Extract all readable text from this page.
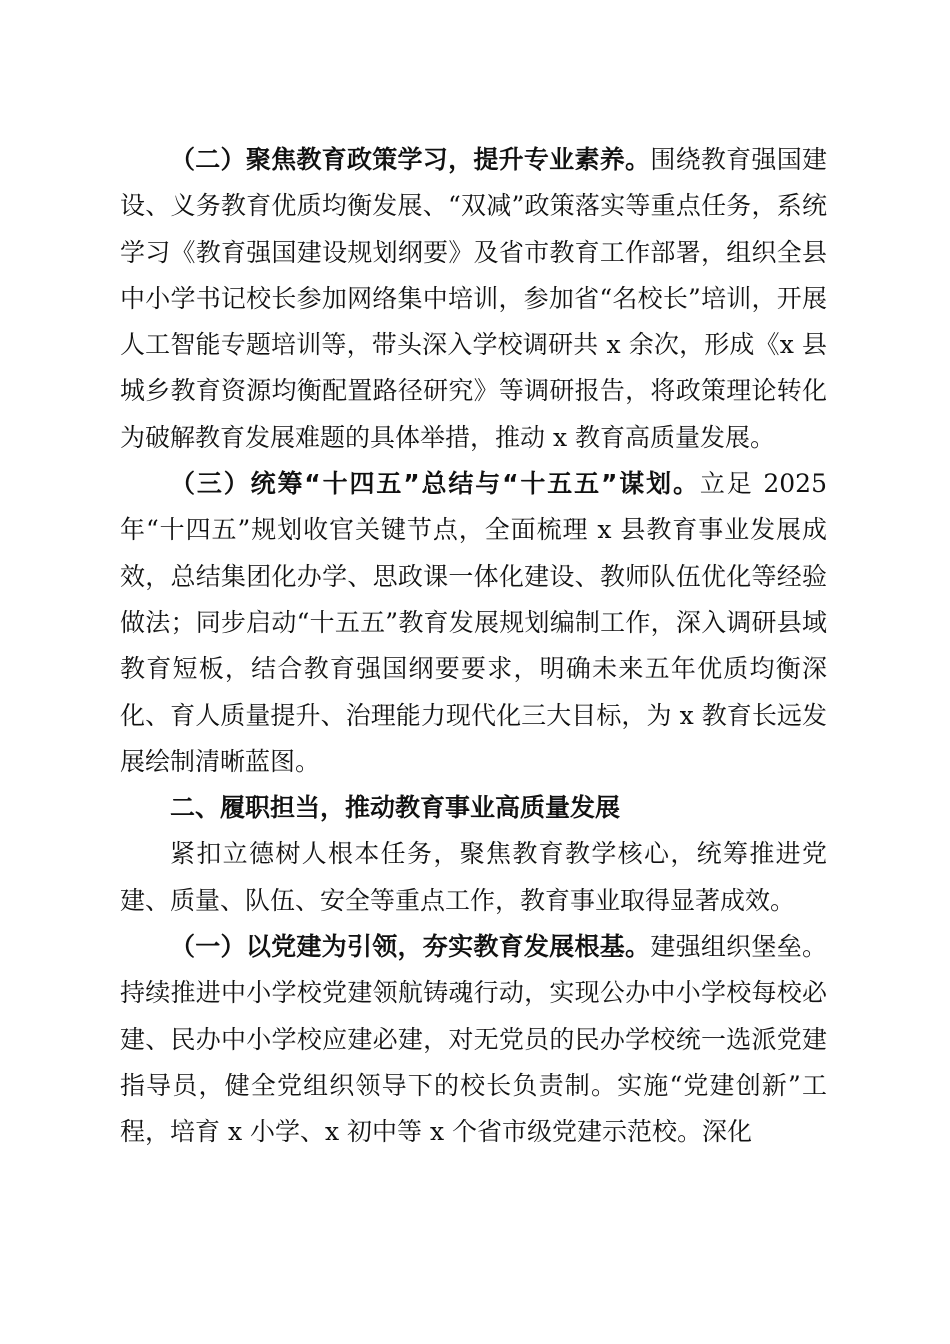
（二）聚焦教育政策学习，提升专业素养。围绕教育强国建设、义务教育优质均衡发展、“双减”政策落实等重点任务，系统学习《教育强国建设规划纲要》及省市教育工作部署，组织全县中小学书记校长参加网络集中培训，参加省“名校长”培训，开展人工智能专题培训等，带头深入学校调研共 x 余次，形成《x 县城乡教育资源均衡配置路径研究》等调研报告，将政策理论转化为破解教育发展难题的具体举措，推动 x 教育高质量发展。

（三）统筹“十四五”总结与“十五五”谋划。立足 2025 年“十四五”规划收官关键节点，全面梳理 x 县教育事业发展成效，总结集团化办学、思政课一体化建设、教师队伍优化等经验做法；同步启动“十五五”教育发展规划编制工作，深入调研县域教育短板，结合教育强国纲要要求，明确未来五年优质均衡深化、育人质量提升、治理能力现代化三大目标，为 x 教育长远发展绘制清晰蓝图。

二、履职担当，推动教育事业高质量发展

紧扣立德树人根本任务，聚焦教育教学核心，统筹推进党建、质量、队伍、安全等重点工作，教育事业取得显著成效。

（一）以党建为引领，夯实教育发展根基。建强组织堡垒。持续推进中小学校党建领航铸魂行动，实现公办中小学校每校必建、民办中小学校应建必建，对无党员的民办学校统一选派党建指导员，健全党组织领导下的校长负责制。实施“党建创新”工程，培育 x 小学、x 初中等 x 个省市级党建示范校。深化
